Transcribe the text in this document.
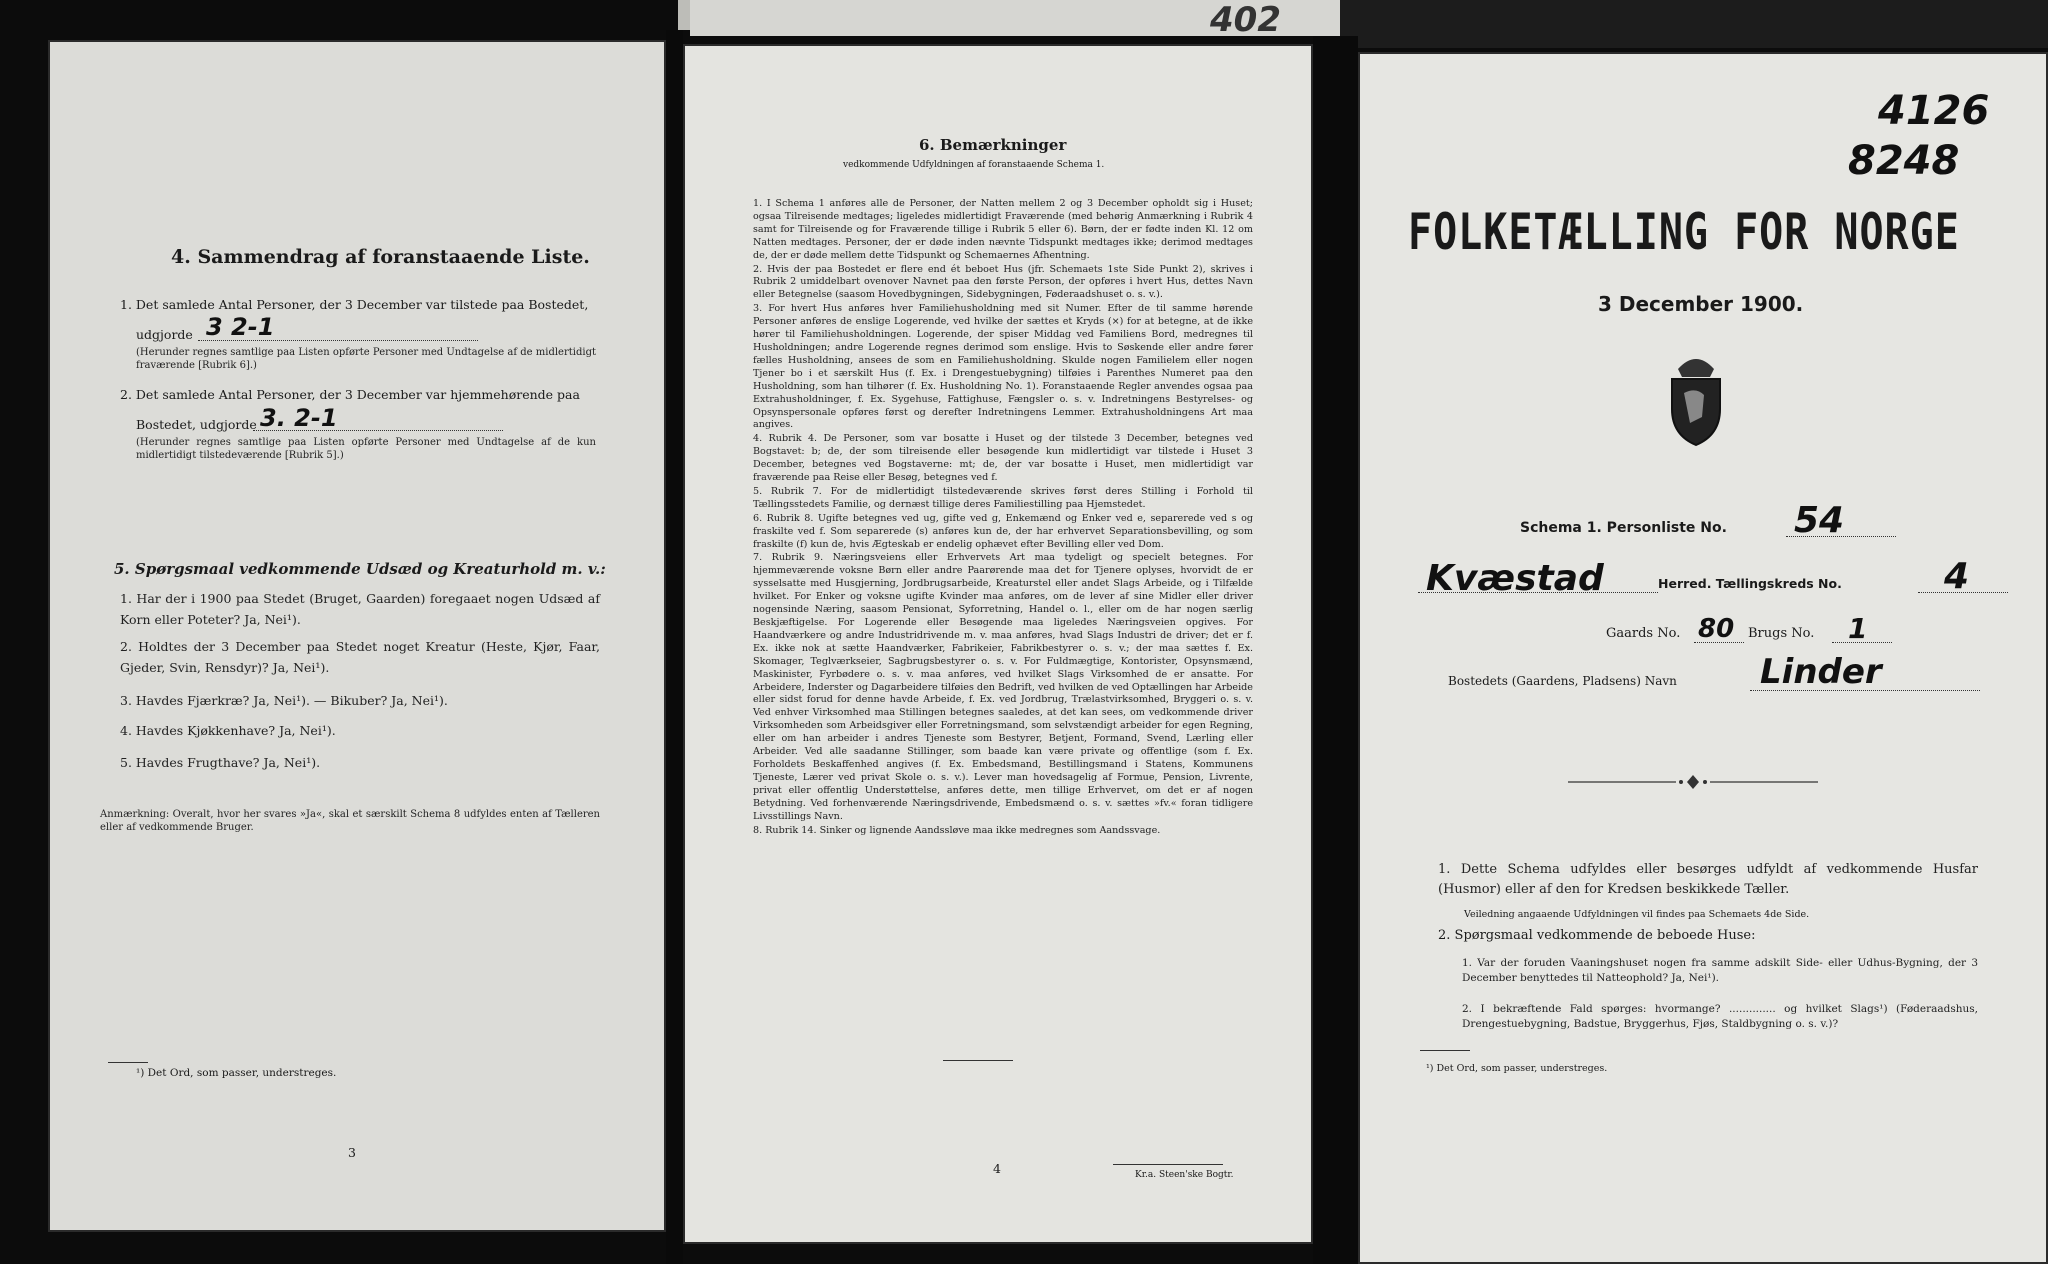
402
4. Sammendrag af foranstaaende Liste.
1. Det samlede Antal Personer, der 3 December var tilstede paa Bostedet,
udgjorde 3 2-1
(Herunder regnes samtlige paa Listen opførte Personer med Undtagelse af de midlertidigt fraværende [Rubrik 6].)
2. Det samlede Antal Personer, der 3 December var hjemmehørende paa
Bostedet, udgjorde 3. 2-1
(Herunder regnes samtlige paa Listen opførte Personer med Undtagelse af de kun midlertidigt tilstedeværende [Rubrik 5].)
5. Spørgsmaal vedkommende Udsæd og Kreaturhold m. v.:
1. Har der i 1900 paa Stedet (Bruget, Gaarden) foregaaet nogen Udsæd af Korn eller Poteter? Ja, Nei¹).
2. Holdtes der 3 December paa Stedet noget Kreatur (Heste, Kjør, Faar, Gjeder, Svin, Rensdyr)? Ja, Nei¹).
3. Havdes Fjærkræ? Ja, Nei¹). — Bikuber? Ja, Nei¹).
4. Havdes Kjøkkenhave? Ja, Nei¹).
5. Havdes Frugthave? Ja, Nei¹).
Anmærkning: Overalt, hvor her svares »Ja«, skal et særskilt Schema 8 udfyldes enten af Tælleren eller af vedkommende Bruger.
¹) Det Ord, som passer, understreges.
3
6. Bemærkninger
vedkommende Udfyldningen af foranstaaende Schema 1.

1. I Schema 1 anføres alle de Personer, der Natten mellem 2 og 3 December opholdt sig i Huset; ogsaa Tilreisende medtages; ligeledes midlertidigt Fraværende (med behørig Anmærkning i Rubrik 4 samt for Tilreisende og for Fraværende tillige i Rubrik 5 eller 6). Børn, der er fødte inden Kl. 12 om Natten medtages. Personer, der er døde inden nævnte Tidspunkt medtages ikke; derimod medtages de, der er døde mellem dette Tidspunkt og Schemaernes Afhentning.

2. Hvis der paa Bostedet er flere end ét beboet Hus (jfr. Schemaets 1ste Side Punkt 2), skrives i Rubrik 2 umiddelbart ovenover Navnet paa den første Person, der opføres i hvert Hus, dettes Navn eller Betegnelse (saasom Hovedbygningen, Sidebygningen, Føderaadshuset o. s. v.).

3. For hvert Hus anføres hver Familiehusholdning med sit Numer. Efter de til samme hørende Personer anføres de enslige Logerende, ved hvilke der sættes et Kryds (×) for at betegne, at de ikke hører til Familiehusholdningen. Logerende, der spiser Middag ved Familiens Bord, medregnes til Husholdningen; andre Logerende regnes derimod som enslige. Hvis to Søskende eller andre fører fælles Husholdning, ansees de som en Familiehusholdning. Skulde nogen Familielem eller nogen Tjener bo i et særskilt Hus (f. Ex. i Drengestuebygning) tilføies i Parenthes Numeret paa den Husholdning, som han tilhører (f. Ex. Husholdning No. 1). Foranstaaende Regler anvendes ogsaa paa Extrahusholdninger, f. Ex. Sygehuse, Fattighuse, Fængsler o. s. v. Indretningens Bestyrelses- og Opsynspersonale opføres først og derefter Indretningens Lemmer. Extrahusholdningens Art maa angives.

4. Rubrik 4. De Personer, som var bosatte i Huset og der tilstede 3 December, betegnes ved Bogstavet: b; de, der som tilreisende eller besøgende kun midlertidigt var tilstede i Huset 3 December, betegnes ved Bogstaverne: mt; de, der var bosatte i Huset, men midlertidigt var fraværende paa Reise eller Besøg, betegnes ved f.

5. Rubrik 7. For de midlertidigt tilstedeværende skrives først deres Stilling i Forhold til Tællingsstedets Familie, og dernæst tillige deres Familiestilling paa Hjemstedet.

6. Rubrik 8. Ugifte betegnes ved ug, gifte ved g, Enkemænd og Enker ved e, separerede ved s og fraskilte ved f. Som separerede (s) anføres kun de, der har erhvervet Separationsbevilling, og som fraskilte (f) kun de, hvis Ægteskab er endelig ophævet efter Bevilling eller ved Dom.

7. Rubrik 9. Næringsveiens eller Erhvervets Art maa tydeligt og specielt betegnes. For hjemmeværende voksne Børn eller andre Paarørende maa det for Tjenere oplyses, hvorvidt de er sysselsatte med Husgjerning, Jordbrugsarbeide, Kreaturstel eller andet Slags Arbeide, og i Tilfælde hvilket. For Enker og voksne ugifte Kvinder maa anføres, om de lever af sine Midler eller driver nogensinde Næring, saasom Pensionat, Syforretning, Handel o. l., eller om de har nogen særlig Beskjæftigelse. For Logerende eller Besøgende maa ligeledes Næringsveien opgives. For Haandværkere og andre Industridrivende m. v. maa anføres, hvad Slags Industri de driver; det er f. Ex. ikke nok at sætte Haandværker, Fabrikeier, Fabrikbestyrer o. s. v.; der maa sættes f. Ex. Skomager, Teglværkseier, Sagbrugsbestyrer o. s. v. For Fuldmægtige, Kontorister, Opsynsmænd, Maskinister, Fyrbødere o. s. v. maa anføres, ved hvilket Slags Virksomhed de er ansatte. For Arbeidere, Inderster og Dagarbeidere tilføies den Bedrift, ved hvilken de ved Optællingen har Arbeide eller sidst forud for denne havde Arbeide, f. Ex. ved Jordbrug, Trælastvirksomhed, Bryggeri o. s. v. Ved enhver Virksomhed maa Stillingen betegnes saaledes, at det kan sees, om vedkommende driver Virksomheden som Arbeidsgiver eller Forretningsmand, som selvstændigt arbeider for egen Regning, eller om han arbeider i andres Tjeneste som Bestyrer, Betjent, Formand, Svend, Lærling eller Arbeider. Ved alle saadanne Stillinger, som baade kan være private og offentlige (som f. Ex. Forholdets Beskaffenhed angives (f. Ex. Embedsmand, Bestillingsmand i Statens, Kommunens Tjeneste, Lærer ved privat Skole o. s. v.). Lever man hovedsagelig af Formue, Pension, Livrente, privat eller offentlig Understøttelse, anføres dette, men tillige Erhvervet, om det er af nogen Betydning. Ved forhenværende Næringsdrivende, Embedsmænd o. s. v. sættes »fv.« foran tidligere Livsstillings Navn.

8. Rubrik 14. Sinker og lignende Aandssløve maa ikke medregnes som Aandssvage.

4	Kr.a. Steen'ske Bogtr.
4126
8248
FOLKETÆLLING FOR NORGE
3 December 1900.
Schema 1. Personliste No. 54
Kvæstad	Herred. Tællingskreds No.	4
Gaards No. 80 Brugs No. 1
Bostedets (Gaardens, Pladsens) Navn Linder
1. Dette Schema udfyldes eller besørges udfyldt af vedkommende Husfar (Husmor) eller af den for Kredsen beskikkede Tæller.
Veiledning angaaende Udfyldningen vil findes paa Schemaets 4de Side.
2. Spørgsmaal vedkommende de beboede Huse:
1. Var der foruden Vaaningshuset nogen fra samme adskilt Side- eller Udhus-Bygning, der 3 December benyttedes til Natteophold? Ja, Nei¹).
2. I bekræftende Fald spørges: hvormange? .............. og hvilket Slags¹) (Føderaadshus, Drengestuebygning, Badstue, Bryggerhus, Fjøs, Staldbygning o. s. v.)?
¹) Det Ord, som passer, understreges.
